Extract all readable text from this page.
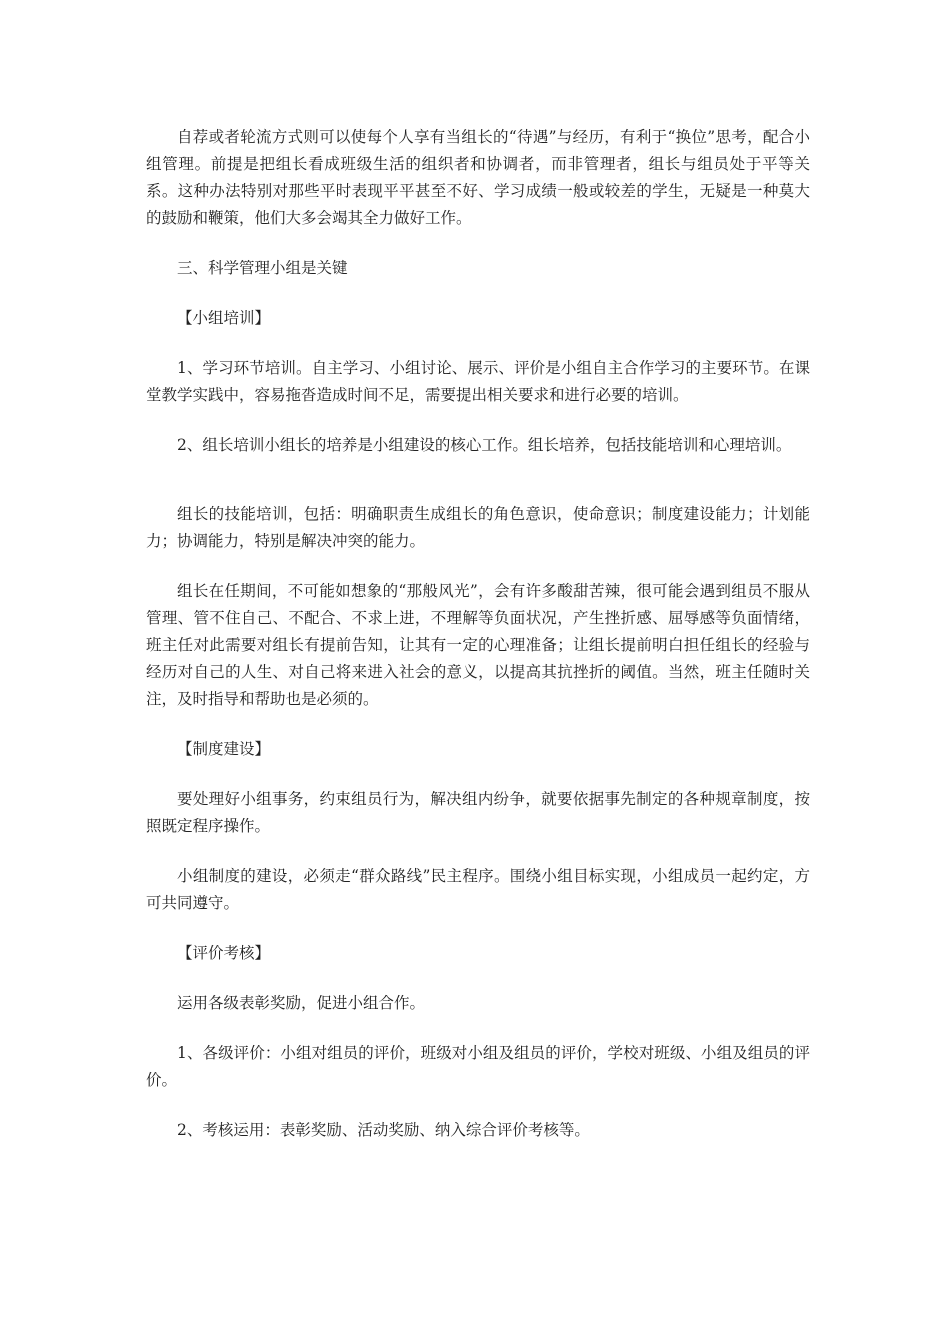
自荐或者轮流方式则可以使每个人享有当组长的“待遇”与经历，有利于“换位”思考，配合小组管理。前提是把组长看成班级生活的组织者和协调者，而非管理者，组长与组员处于平等关系。这种办法特别对那些平时表现平平甚至不好、学习成绩一般或较差的学生，无疑是一种莫大的鼓励和鞭策，他们大多会竭其全力做好工作。

三、科学管理小组是关键

【小组培训】

1、学习环节培训。自主学习、小组讨论、展示、评价是小组自主合作学习的主要环节。在课堂教学实践中，容易拖沓造成时间不足，需要提出相关要求和进行必要的培训。

2、组长培训小组长的培养是小组建设的核心工作。组长培养，包括技能培训和心理培训。

组长的技能培训，包括：明确职责生成组长的角色意识，使命意识；制度建设能力；计划能力；协调能力，特别是解决冲突的能力。

组长在任期间，不可能如想象的“那般风光”，会有许多酸甜苦辣，很可能会遇到组员不服从管理、管不住自己、不配合、不求上进，不理解等负面状况，产生挫折感、屈辱感等负面情绪，班主任对此需要对组长有提前告知，让其有一定的心理准备；让组长提前明白担任组长的经验与经历对自己的人生、对自己将来进入社会的意义，以提高其抗挫折的阈值。当然，班主任随时关注，及时指导和帮助也是必须的。

【制度建设】

要处理好小组事务，约束组员行为，解决组内纷争，就要依据事先制定的各种规章制度，按照既定程序操作。

小组制度的建设，必须走“群众路线”民主程序。围绕小组目标实现，小组成员一起约定，方可共同遵守。

【评价考核】

运用各级表彰奖励，促进小组合作。

1、各级评价：小组对组员的评价，班级对小组及组员的评价，学校对班级、小组及组员的评价。

2、考核运用：表彰奖励、活动奖励、纳入综合评价考核等。
